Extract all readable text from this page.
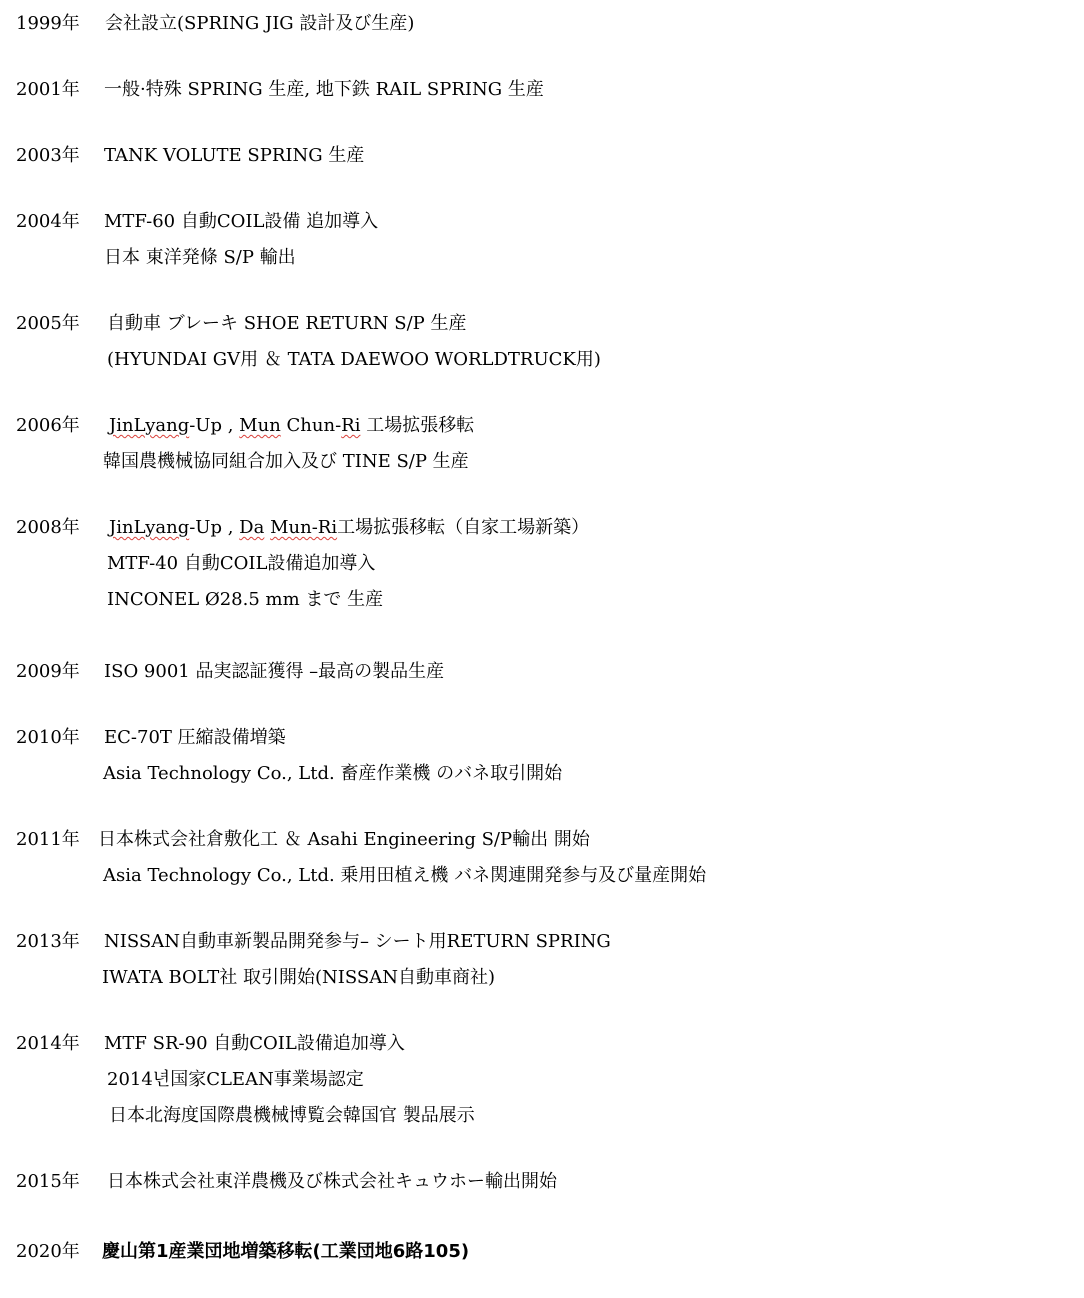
1999年 会社設立(SPRING JIG 設計及び生産)
2001年 一般·特殊 SPRING 生産, 地下鉄 RAIL SPRING 生産
2003年 TANK VOLUTE SPRING 生産
2004年 MTF-60 自動COIL設備 追加導入
日本 東洋発條 S/P 輸出
2005年 自動車 ブレーキ SHOE RETURN S/P 生産
(HYUNDAI GV用 ＆ TATA DAEWOO WORLDTRUCK用)
2006年 JinLyang-Up , Mun Chun-Ri 工場拡張移転
韓国農機械協同組合加入及び TINE S/P 生産
2008年 JinLyang-Up , Da Mun-Ri工場拡張移転（自家工場新築）
MTF-40 自動COIL設備追加導入
INCONEL Ø28.5 mm まで 生産
2009年 ISO 9001 品実認証獲得 –最高の製品生産
2010年 EC-70T 圧縮設備増築
Asia Technology Co., Ltd. 畜産作業機 のバネ取引開始
2011年 日本株式会社倉敷化工 ＆ Asahi Engineering S/P輸出 開始
Asia Technology Co., Ltd. 乗用田植え機 バネ関連開発参与及び量産開始
2013年 NISSAN自動車新製品開発参与– シート用RETURN SPRING
IWATA BOLT社 取引開始(NISSAN自動車商社)
2014年 MTF SR-90 自動COIL設備追加導入
2014년国家CLEAN事業場認定
日本北海度国際農機械博覧会韓国官 製品展示
2015年 日本株式会社東洋農機及び株式会社キュウホー輸出開始
2020年 慶山第1産業団地増築移転(工業団地6路105)
